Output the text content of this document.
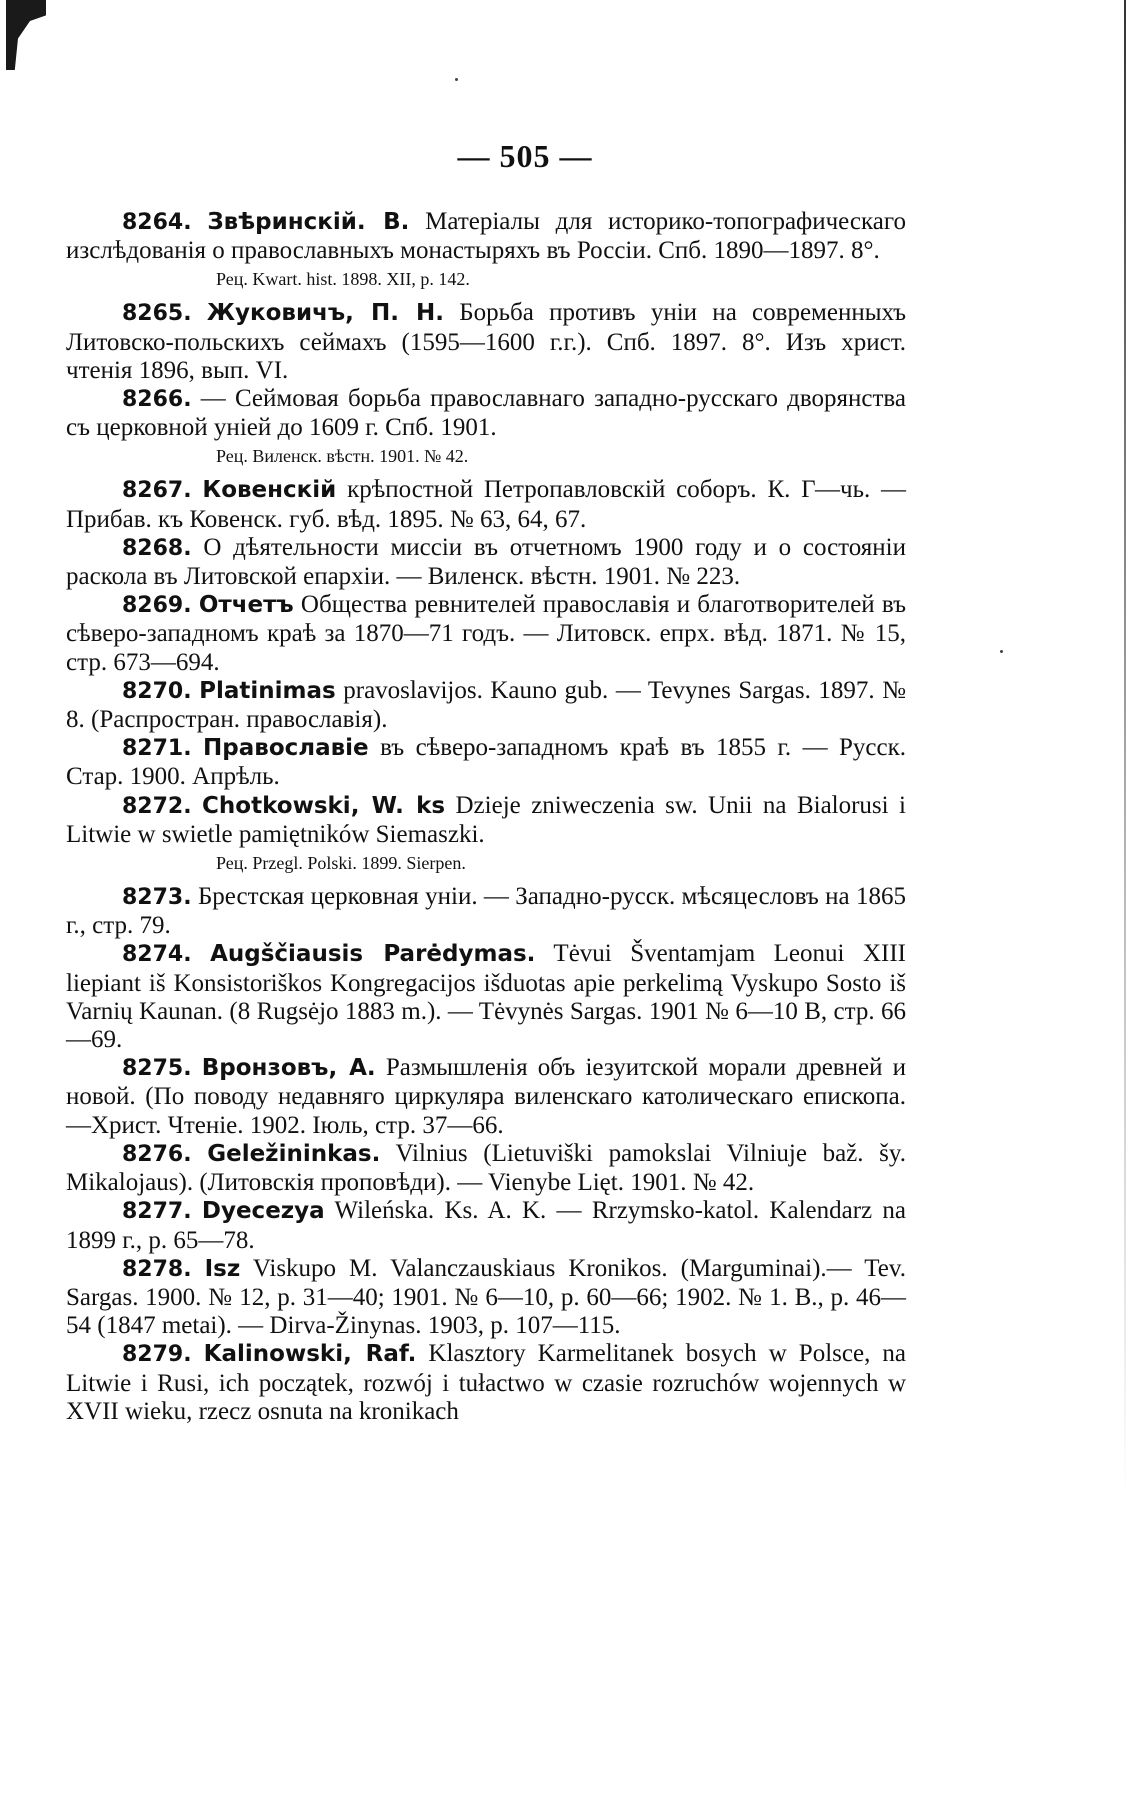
— 505 —

8264. Звѣринскій. В. Матеріалы для историко-топографическаго изслѣдованія о православныхъ монастыряхъ въ Россіи. Спб. 1890—1897. 8°.

Рец. Kwart. hist. 1898. XII, p. 142.

8265. Жуковичъ, П. Н. Борьба противъ уніи на современныхъ Литовско-польскихъ сеймахъ (1595—1600 г.г.). Спб. 1897. 8°. Изъ христ. чтенія 1896, вып. VI.

8266. — Сеймовая борьба православнаго западно-русскаго дворянства съ церковной уніей до 1609 г. Спб. 1901.

Рец. Виленск. вѣстн. 1901. № 42.

8267. Ковенскій крѣпостной Петропавловскій соборъ. К. Г—чь. — Прибав. къ Ковенск. губ. вѣд. 1895. № 63, 64, 67.

8268. О дѣятельности миссіи въ отчетномъ 1900 году и о состояніи раскола въ Литовской епархіи. — Виленск. вѣстн. 1901. № 223.

8269. Отчетъ Общества ревнителей православія и благотворителей въ сѣверо-западномъ краѣ за 1870—71 годъ. — Литовск. епрх. вѣд. 1871. № 15, стр. 673—694.

8270. Platinimas pravoslavijos. Kauno gub. — Tevynes Sargas. 1897. № 8. (Распростран. православія).

8271. Православіе въ сѣверо-западномъ краѣ въ 1855 г. — Русск. Стар. 1900. Апрѣль.

8272. Chotkowski, W. ks Dzieje zniweczenia sw. Unii na Bialorusi i Litwie w swietle pamiętników Siemaszki.

Рец. Przegl. Polski. 1899. Sierpen.

8273. Брестская церковная уніи. — Западно-русск. мѣсяцесловъ на 1865 г., стр. 79.

8274. Augščiausis Parėdymas. Tėvui Šventamjam Leonui XIII liepiant iš Konsistoriškos Kongregacijos išduotas apie perkelimą Vyskupo Sosto iš Varnių Kaunan. (8 Rugsėjo 1883 m.). — Tėvynės Sargas. 1901 № 6—10 B, стр. 66—69.

8275. Вронзовъ, А. Размышленія объ іезуитской морали древней и новой. (По поводу недавняго циркуляра виленскаго католическаго епископа.—Христ. Чтеніе. 1902. Іюль, стр. 37—66.

8276. Geležininkas. Vilnius (Lietuviški pamokslai Vilniuje baž. šy. Mikalojaus). (Литовскія проповѣди). — Vienybe Lięt. 1901. № 42.

8277. Dyecezya Wileńska. Ks. A. K. — Rrzymsko-katol. Kalendarz na 1899 г., p. 65—78.

8278. Isz Viskupo M. Valanczauskiaus Kronikos. (Marguminai).— Tev. Sargas. 1900. № 12, p. 31—40; 1901. № 6—10, p. 60—66; 1902. № 1. B., p. 46—54 (1847 metai). — Dirva-Žinynas. 1903, p. 107—115.

8279. Kalinowski, Raf. Klasztory Karmelitanek bosych w Polsce, na Litwie i Rusi, ich początek, rozwój i tułactwo w czasie rozruchów wojennych w XVII wieku, rzecz osnuta na kronikach
